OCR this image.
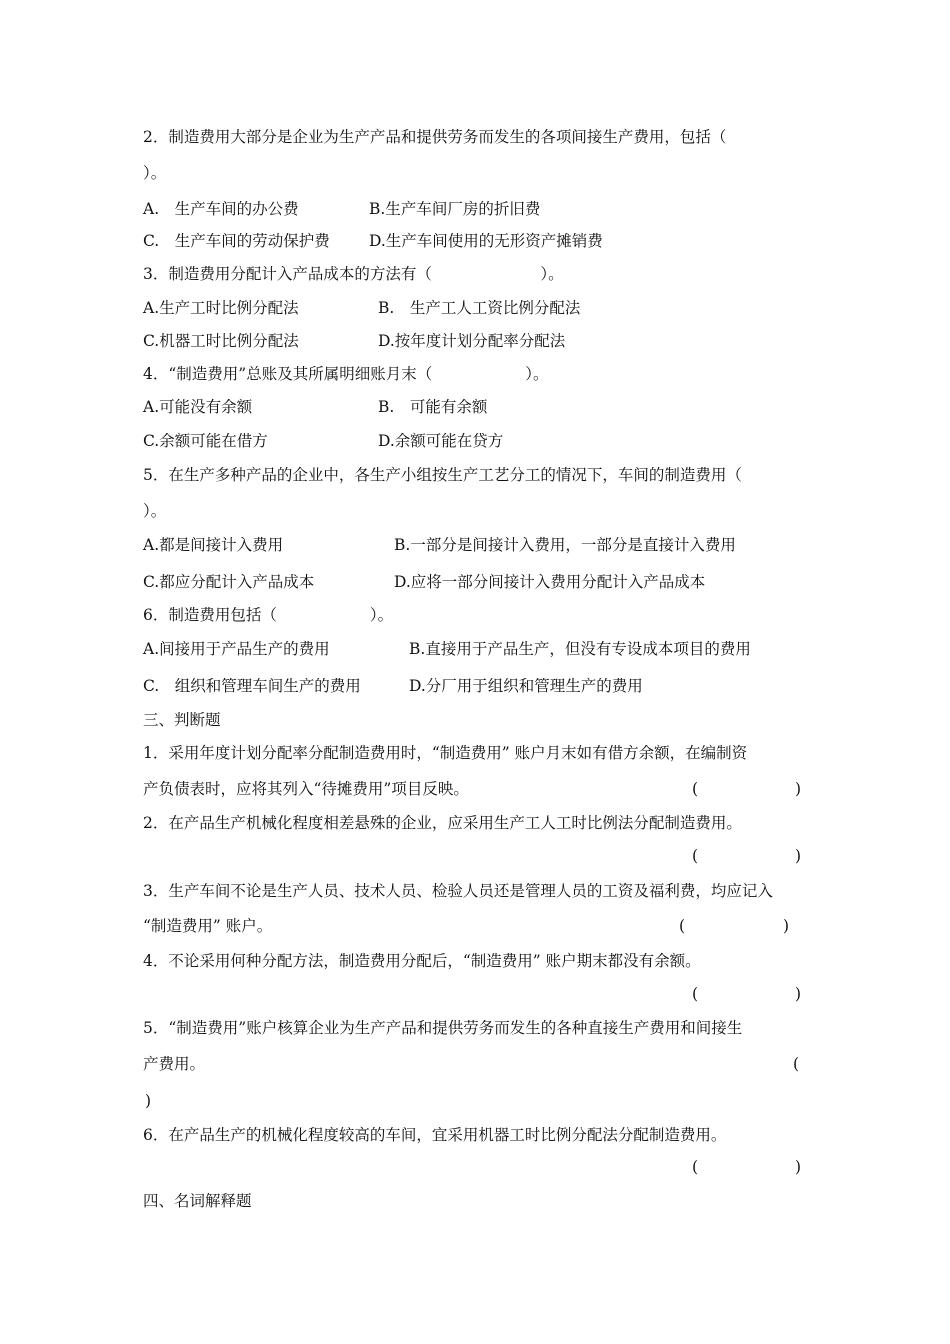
2．制造费用大部分是企业为生产产品和提供劳务而发生的各项间接生产费用，包括（
）。
A.　生产车间的办公费	B.生产车间厂房的折旧费
C.　生产车间的劳动保护费	D.生产车间使用的无形资产摊销费
3．制造费用分配计入产品成本的方法有（　　　　　　　）。
A.生产工时比例分配法	B.　生产工人工资比例分配法
C.机器工时比例分配法	D.按年度计划分配率分配法
4．“制造费用”总账及其所属明细账月末（　　　　　　）。
A.可能没有余额	B.　可能有余额
C.余额可能在借方	D.余额可能在贷方
5．在生产多种产品的企业中，各生产小组按生产工艺分工的情况下，车间的制造费用（
）。
A.都是间接计入费用	B.一部分是间接计入费用，一部分是直接计入费用
C.都应分配计入产品成本	D.应将一部分间接计入费用分配计入产品成本
6．制造费用包括（　　　　　　）。
A.间接用于产品生产的费用	B.直接用于产品生产，但没有专设成本项目的费用
C.　组织和管理车间生产的费用	D.分厂用于组织和管理生产的费用
三、判断题
1．采用年度计划分配率分配制造费用时，“制造费用” 账户月末如有借方余额，在编制资
产负债表时，应将其列入“待摊费用”项目反映。	(	)
2．在产品生产机械化程度相差悬殊的企业，应采用生产工人工时比例法分配制造费用。
(	)
3．生产车间不论是生产人员、技术人员、检验人员还是管理人员的工资及福利费，均应记入
“制造费用” 账户。	(	)
4．不论采用何种分配方法，制造费用分配后，“制造费用” 账户期末都没有余额。
(	)
5．“制造费用”账户核算企业为生产产品和提供劳务而发生的各种直接生产费用和间接生
产费用。	(
)
6．在产品生产的机械化程度较高的车间，宜采用机器工时比例分配法分配制造费用。
(	)
四、名词解释题
